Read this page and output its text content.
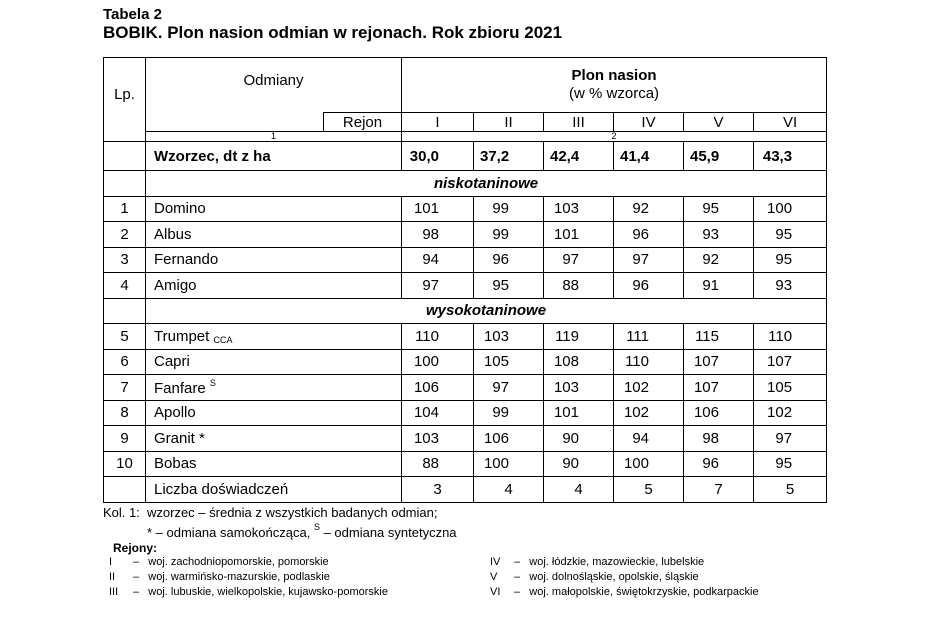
Tabela 2
BOBIK. Plon nasion odmian w rejonach. Rok zbioru 2021
Lp.	Odmiany		Plon nasion
(w % wzorca)					

		Rejon	I	II	III	IV	V	VI
	1		2					
	Wzorzec, dt z ha		30,0	37,2	42,4	41,4	45,9	43,3
	niskotaninowe							
1	Domino		101	99	103	92	95	100
2	Albus		98	99	101	96	93	95
3	Fernando		94	96	97	97	92	95
4	Amigo		97	95	88	96	91	93
	wysokotaninowe							
5	Trumpet $_{CCA}$		110	103	119	111	115	110
6	Capri		100	105	108	110	107	107
7	Fanfare $^S$		106	97	103	102	107	105
8	Apollo		104	99	101	102	106	102
9	Granit *		103	106	90	94	98	97
10	Bobas		88	100	90	100	96	95
	Liczba doświadczeń		3	4	4	5	7	5
Kol. 1: wzorzec – średnia z wszystkich badanych odmian;
* – odmiana samokończąca, $^S$ – odmiana syntetyczna
Rejony:
I – woj. zachodniopomorskie, pomorskie
II – woj. warmińsko-mazurskie, podlaskie
III – woj. lubuskie, wielkopolskie, kujawsko-pomorskie
IV – woj. łódzkie, mazowieckie, lubelskie
V – woj. dolnośląskie, opolskie, śląskie
VI – woj. małopolskie, świętokrzyskie, podkarpackie
